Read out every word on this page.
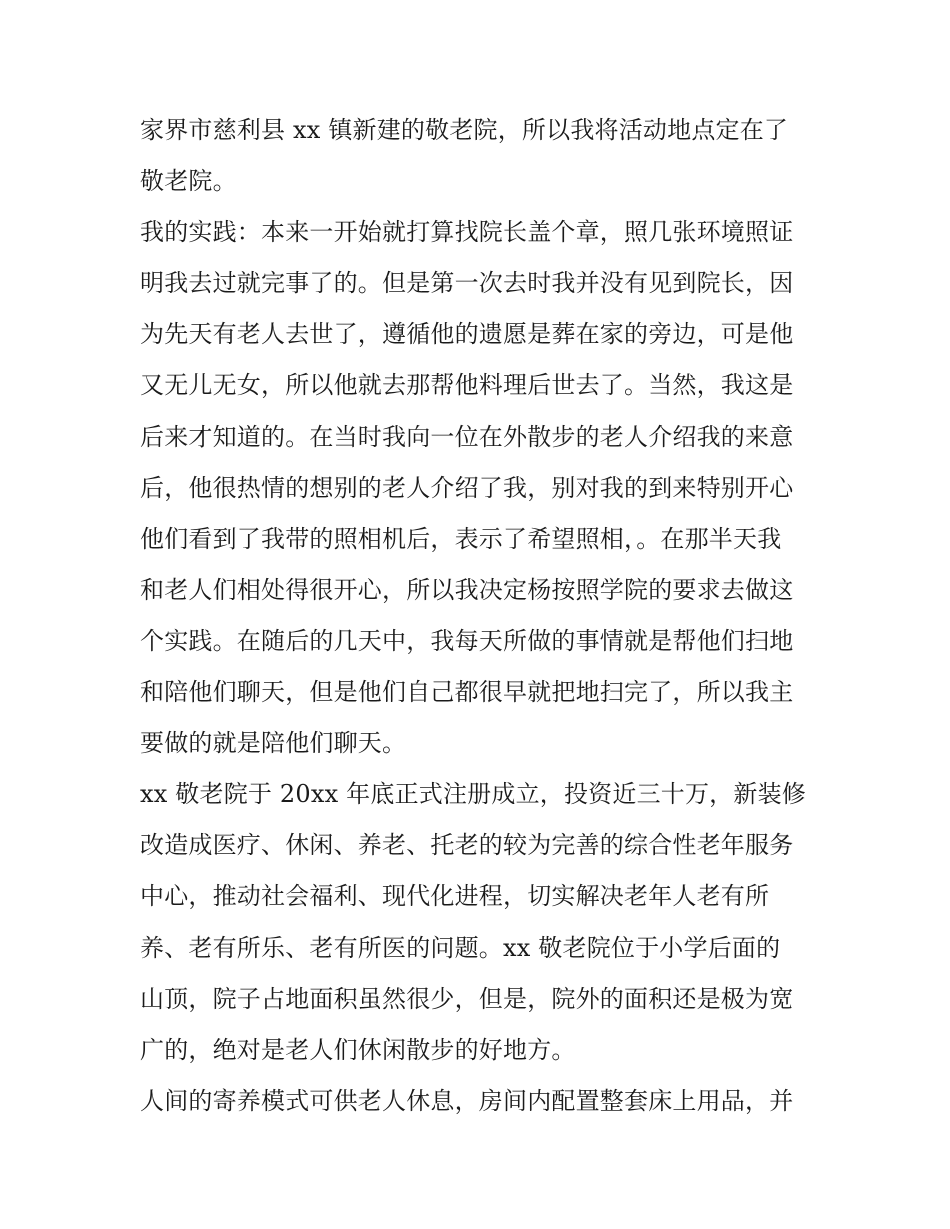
家界市慈利县 xx 镇新建的敬老院，所以我将活动地点定在了
敬老院。
我的实践：本来一开始就打算找院长盖个章，照几张环境照证
明我去过就完事了的。但是第一次去时我并没有见到院长，因
为先天有老人去世了，遵循他的遗愿是葬在家的旁边，可是他
又无儿无女，所以他就去那帮他料理后世去了。当然，我这是
后来才知道的。在当时我向一位在外散步的老人介绍我的来意
后，他很热情的想别的老人介绍了我，别对我的到来特别开心
他们看到了我带的照相机后，表示了希望照相，。在那半天我
和老人们相处得很开心，所以我决定杨按照学院的要求去做这
个实践。在随后的几天中，我每天所做的事情就是帮他们扫地
和陪他们聊天，但是他们自己都很早就把地扫完了，所以我主
要做的就是陪他们聊天。
xx 敬老院于 20xx 年底正式注册成立，投资近三十万，新装修
改造成医疗、休闲、养老、托老的较为完善的综合性老年服务
中心，推动社会福利、现代化进程，切实解决老年人老有所
养、老有所乐、老有所医的问题。xx 敬老院位于小学后面的
山顶，院子占地面积虽然很少，但是，院外的面积还是极为宽
广的，绝对是老人们休闲散步的好地方。
人间的寄养模式可供老人休息，房间内配置整套床上用品，并
